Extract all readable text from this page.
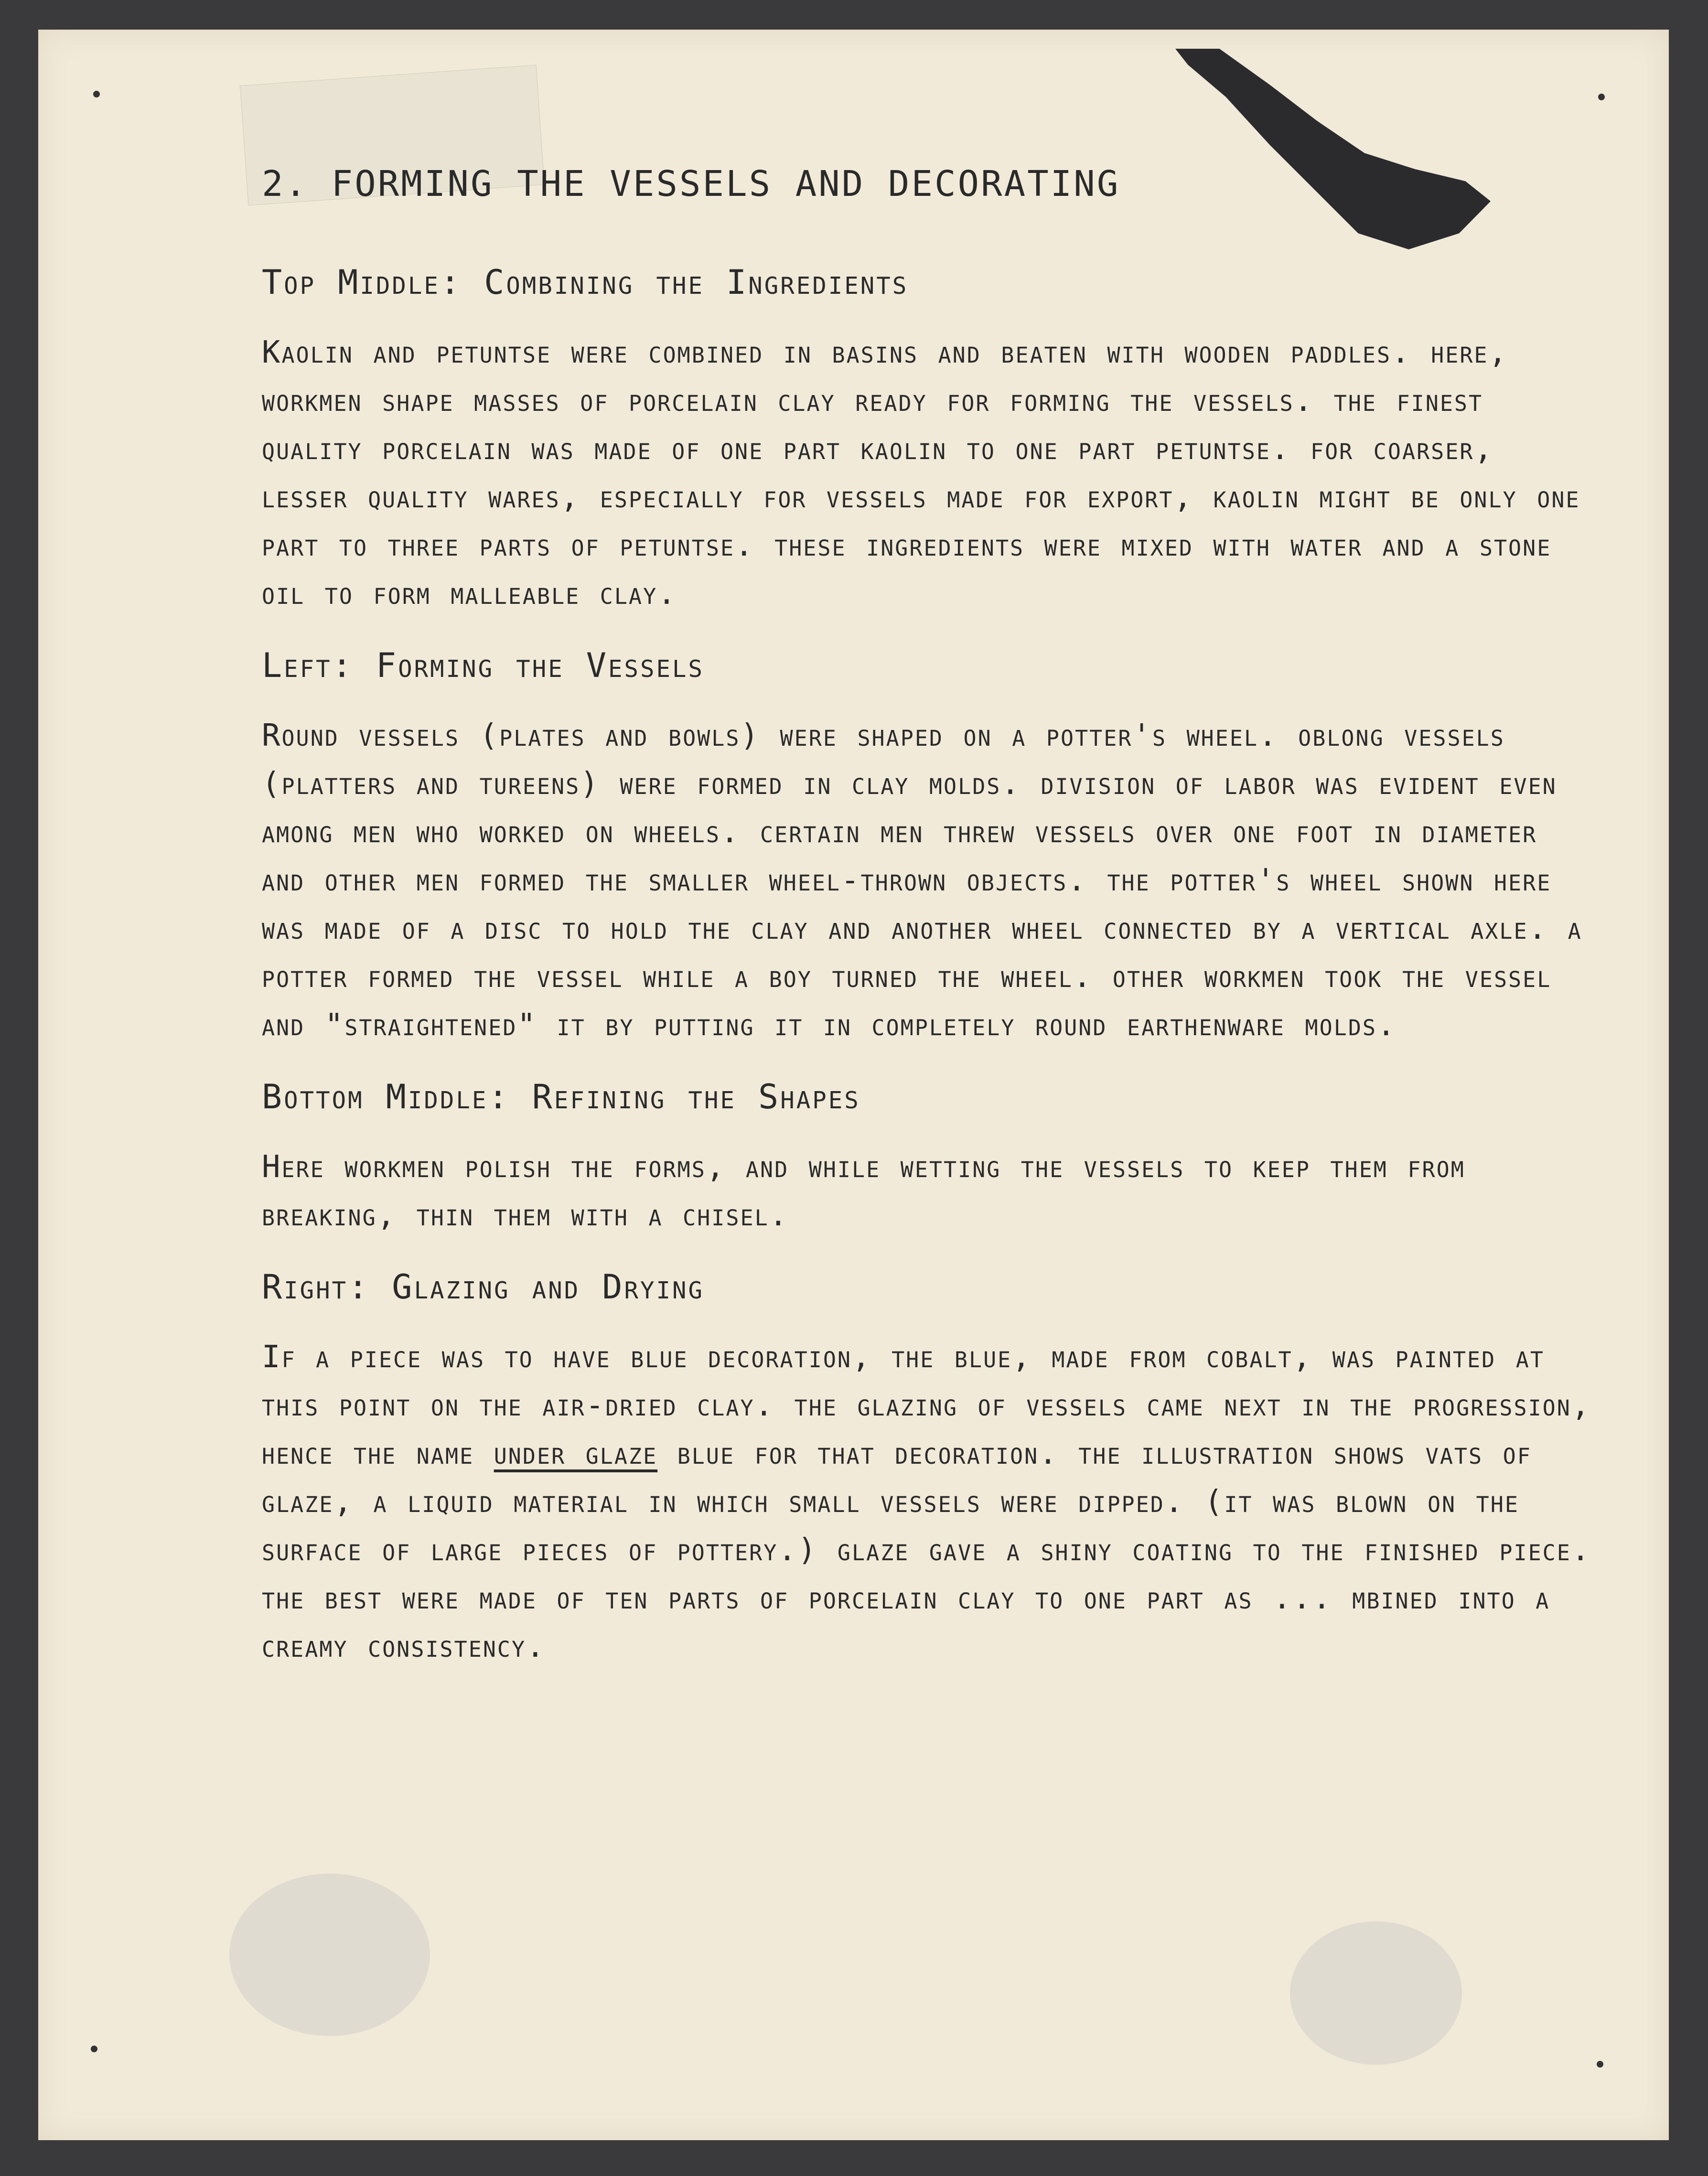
2. FORMING THE VESSELS AND DECORATING
Top Middle: Combining the Ingredients

Kaolin and petuntse were combined in basins and beaten with wooden paddles. here, workmen shape masses of porcelain clay ready for forming the vessels. the finest quality porcelain was made of one part kaolin to one part petuntse. for coarser, lesser quality wares, especially for vessels made for export, kaolin might be only one part to three parts of petuntse. these ingredients were mixed with water and a stone oil to form malleable clay.

Left: Forming the Vessels

Round vessels (plates and bowls) were shaped on a potter's wheel. oblong vessels (platters and tureens) were formed in clay molds. division of labor was evident even among men who worked on wheels. certain men threw vessels over one foot in diameter and other men formed the smaller wheel-thrown objects. the potter's wheel shown here was made of a disc to hold the clay and another wheel connected by a vertical axle. a potter formed the vessel while a boy turned the wheel. other workmen took the vessel and "straightened" it by putting it in completely round earthenware molds.

Bottom Middle: Refining the Shapes

Here workmen polish the forms, and while wetting the vessels to keep them from breaking, thin them with a chisel.

Right: Glazing and Drying

If a piece was to have blue decoration, the blue, made from cobalt, was painted at this point on the air-dried clay. the glazing of vessels came next in the progression, hence the name under glaze blue for that decoration. the illustration shows vats of glaze, a liquid material in which small vessels were dipped. (it was blown on the surface of large pieces of pottery.) glaze gave a shiny coating to the finished piece. the best were made of ten parts of porcelain clay to one part as ... mbined into a creamy consistency.
